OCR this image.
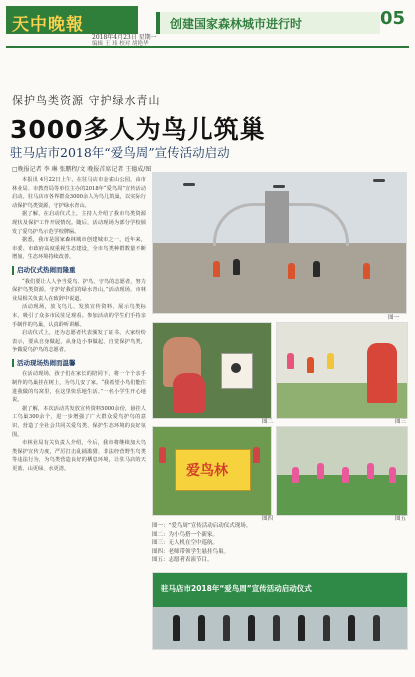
天中晚報
2018年4月23日 星期一
编辑 王 玮 校对 胡艳华
创建国家森林城市进行时	05
保护鸟类资源 守护绿水青山
3000多人为鸟儿筑巢
驻马店市2018年“爱鸟周”宣传活动启动
□晚报记者 李 琳 张鹏程/文 晚报首席记者 王德成/图

本报讯 4月22日上午，在驻马店市金雀山公园，由市林业局、市教育局等单位主办的2018年“爱鸟周”宣传活动启动。驻马店市各界群众3000余人为鸟儿筑巢，以实际行动保护鸟类资源，守护绿水青山。

据了解，在启动仪式上，主持人介绍了我市鸟类资源现状及保护工作开展情况。随后，活动现场为部分学校颁发了爱鸟护鸟示范学校牌匾。

据悉，我市是国家森林城市创建城市之一，近年来，市委、市政府高度重视生态建设，全市鸟类种群数量不断增加，生态环境持续改善。

启动仪式热闹而隆重

“我们要让人人争当爱鸟、护鸟、守鸟的志愿者，努力保护鸟类资源，守护好我们的绿水青山。”活动现场，市林业局相关负责人在致辞中说道。

活动现场，放飞鸟儿、发放宣传资料、展示鸟类标本，吸引了众多市民驻足观看。参加活动的学生们手持亲手制作的鸟巢，认真聆听讲解。

启动仪式上，还为志愿者代表颁发了证书，大家纷纷表示，要从自身做起，从身边小事做起，自觉保护鸟类，争做爱鸟护鸟的志愿者。

活动现场热闹而温馨

在活动现场，孩子们在家长的陪同下，将一个个亲手制作的鸟巢挂在树上，为鸟儿安了家。“我希望小鸟们能住进我做的鸟窝里，在这里快乐地生活。”一名小学生开心地说。

据了解，本次活动共发放宣传资料5000余份，悬挂人工鸟巢300余个，进一步增强了广大群众爱鸟护鸟的意识，营造了全社会共同关爱鸟类、保护生态环境的良好氛围。

市林业局有关负责人介绍，今后，我市将继续加大鸟类保护宣传力度，严厉打击乱捕滥猎、非法经营野生鸟类等违法行为，为鸟类营造良好的栖息环境，让驻马店的天更蓝、山更绿、水更清。

图一
图二	图三
爱鸟林
图四	图五
驻马店市2018年“爱鸟周”宣传活动启动仪式
图一：“爱鸟周”宣传活动启动仪式现场。
图二：为小鸟搭一个新家。
图三：无人机在空中巡航。
图四：老师带领学生悬挂鸟巢。
图五：志愿者表演节目。
